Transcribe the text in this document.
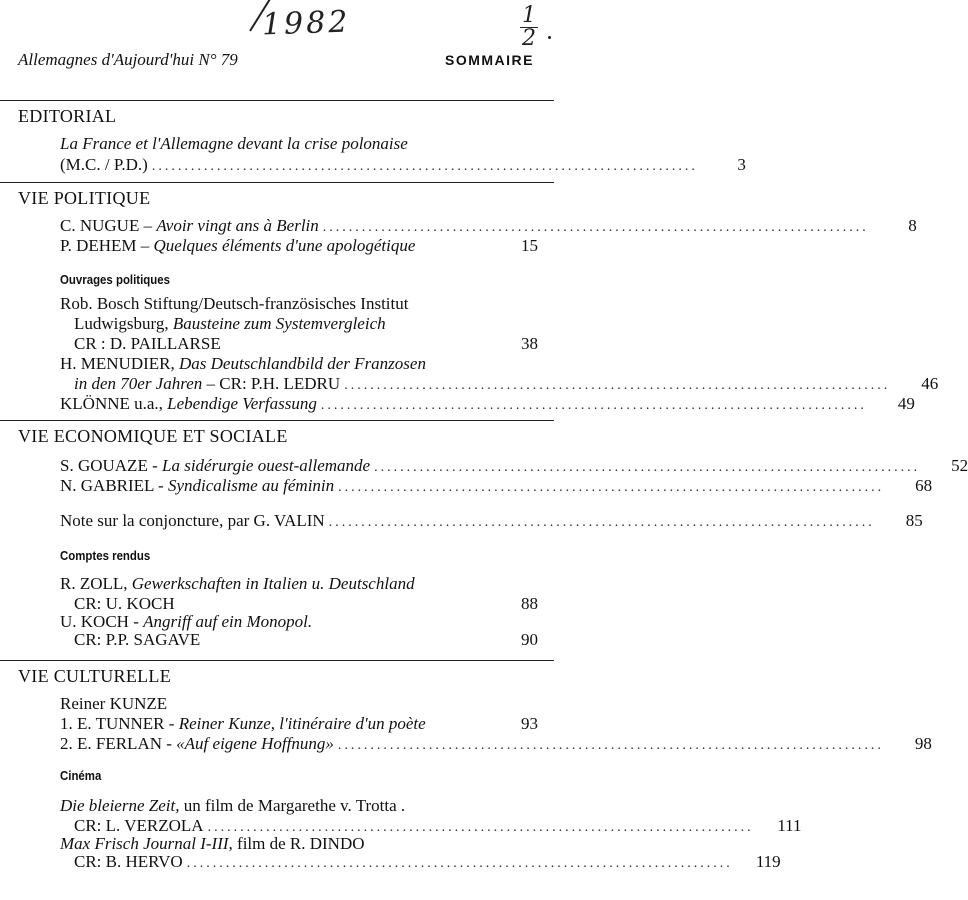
1982	1
2
Allemagnes d'Aujourd'hui N° 79	SOMMAIRE
EDITORIAL
La France et l'Allemagne devant la crise polonaise
(M.C. / P.D.) ....................................................................................	3
VIE POLITIQUE
C. NUGUE – Avoir vingt ans à Berlin ....................................................................................	8
P. DEHEM – Quelques éléments d'une apologétique	15
Ouvrages politiques
Rob. Bosch Stiftung/Deutsch-französisches Institut
Ludwigsburg, Bausteine zum Systemvergleich
CR : D. PAILLARSE	38
H. MENUDIER, Das Deutschlandbild der Franzosen
in den 70er Jahren – CR: P.H. LEDRU ....................................................................................	46
KLÖNNE u.a., Lebendige Verfassung ....................................................................................	49
VIE ECONOMIQUE ET SOCIALE
S. GOUAZE - La sidérurgie ouest-allemande ....................................................................................	52
N. GABRIEL - Syndicalisme au féminin ....................................................................................	68
Note sur la conjoncture, par G. VALIN ....................................................................................	85
Comptes rendus
R. ZOLL, Gewerkschaften in Italien u. Deutschland
CR: U. KOCH	88
U. KOCH - Angriff auf ein Monopol.
CR: P.P. SAGAVE	90
VIE CULTURELLE
Reiner KUNZE
1. E. TUNNER - Reiner Kunze, l'itinéraire d'un poète	93
2. E. FERLAN - «Auf eigene Hoffnung» ....................................................................................	98
Cinéma
Die bleierne Zeit, un film de Margarethe v. Trotta .
CR: L. VERZOLA ....................................................................................	111
Max Frisch Journal I-III, film de R. DINDO
CR: B. HERVO ....................................................................................	119
